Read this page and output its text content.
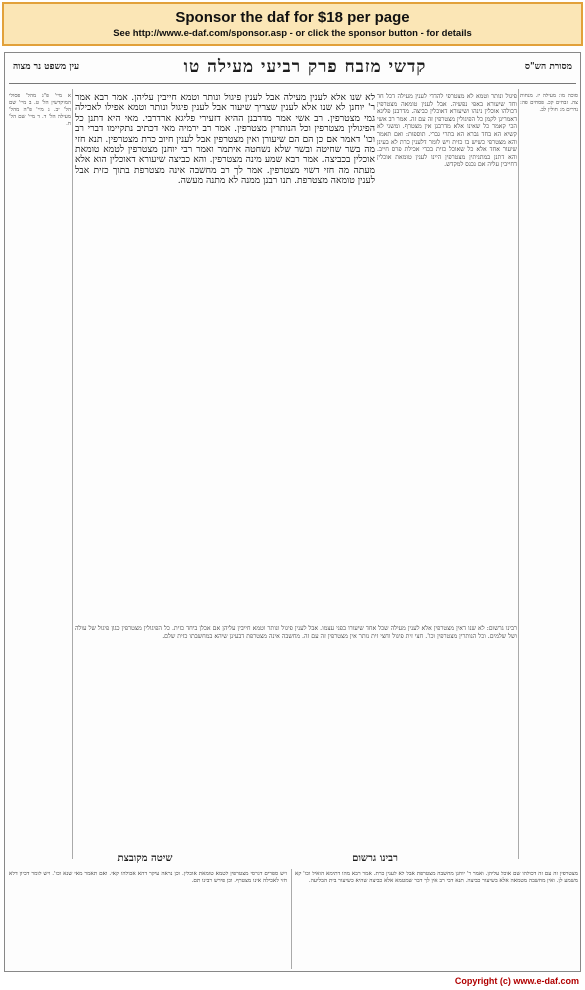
Sponsor the daf for $18 per page
See http://www.e-daf.com/sponsor.asp - or click the sponsor button - for details
קדשי מזבח פרק רביעי מעילה טו	מסורת הש"ס
עין משפט נר מצוה
סוכה מו: מעילה יז. מנחות צה. זבחים קכ. פסחים פה: נדרים מ: חולין לב.
א מיי' פ"ג מהל' פסולי המוקדשין הל' ט. ב מיי' שם הל' יב. ג מיי' פ"ה מהל' מעילה הל' ד. ד מיי' שם הל' ח.
פיגול ונותר וטמא לא מצטרפי להדדי לענין מעילה דכל חד וחד שיעורא באפי נפשיה. אבל לענין טומאה מצטרפין דכולהו אוכלין נינהו ושיעורא דאוכלין כביצה. מדרבנן פליגא דאמרינן לקמן כל הפיגולין מצטרפין זה עם זה. אמר רב אשי הכי קאמר כל שאינו אלא מדרבנן אין מצטרף. ומשני לא קשיא הא בחד גברא הא בתרי גברי. תוספות: ואם תאמר והא מצטרפי כשיש בו כזית ויש לומר דלענין כרת לא בעינן שיעור אחד אלא כל שאוכל כזית בכדי אכילת פרס חייב. והא דתנן במתניתין מצטרפין היינו לענין טומאת אוכלין דחייבין עליה אם נכנס למקדש.

לא שנו אלא לענין מעילה אבל לענין פיגול ונותר וטמא חייבין עליהן. אמר רבא אמר ר' יוחנן לא שנו אלא לענין שצריך שיעור אבל לענין פיגול ונותר וטמא אפילו לאכילה גמי מצטרפין. רב אשי אמר מדרבנן ההיא דזעירי פליגא ארדרבי. מאי היא דתנן כל הפיגולין מצטרפין וכל הנותרין מצטרפין. אמר רב ירמיה מאי דכתיב נתקיימו דברי רב וכו' דאמר אם כן הם הם שיעורן ואין מצטרפין אבל לענין חיוב כרת מצטרפין. תנא חזי מה בשר שחיטה ובשר שלא נשחטה איתמר ואמר רבי יוחנן מצטרפין לטמא טומאת אוכלין בכביצה. אמר רבא שמע מינה מצטרפין. והא כביצה שיעורא דאוכלין הוא אלא מעתה מה חזי דשוי מצטרפין. אמר לך רב מחשבה אינה מצטרפת בתוך כזית אבל לענין טומאה מצטרפת. תנו רבנן ממנה לא מתנה מעשה.

רבינו גרשום: לא שנו דאין מצטרפין אלא לענין מעילה שכל אחד שיעורו בפני עצמו. אבל לענין פיגול ונותר וטמא חייבין עליהן אם אכלן ביחד כזית. כל הפיגולין מצטרפין כגון פיגול של עולה ושל שלמים. וכל הנותרין מצטרפין וכו'. חצי זית פיגול וחצי זית נותר אין מצטרפין זה עם זה. מחשבה אינה מצטרפת דבעינן שיהא במחשבתו כזית שלם.
רבינו גרשום
שיטה מקובצת
מצטרפין זה עם זה דכולהו שם אוכל עליהן. ואמר ר' יוחנן מחשבה מצטרפת אבל לא לענין כרת. אמר רבא מהו דתימא הואיל וכו' קא משמע לן. ואין מחשבה מטמאה אלא בשיעור כביצה. תנא דבי רב אין לך דבר שמטמא אלא כביצה שהיא כשיעור בית הבליעה.
ויש ספרים דגרסי מצטרפין לטמא טומאת אוכלין. וכן נראה עיקר דהא אכולהו קאי. ואם תאמר מאי שנא וכו'. ויש לומר דכיון דלא חזי לאכילה אינו מצטרף. וכן פירש רבינו תם.
Copyright (c) www.e-daf.com
